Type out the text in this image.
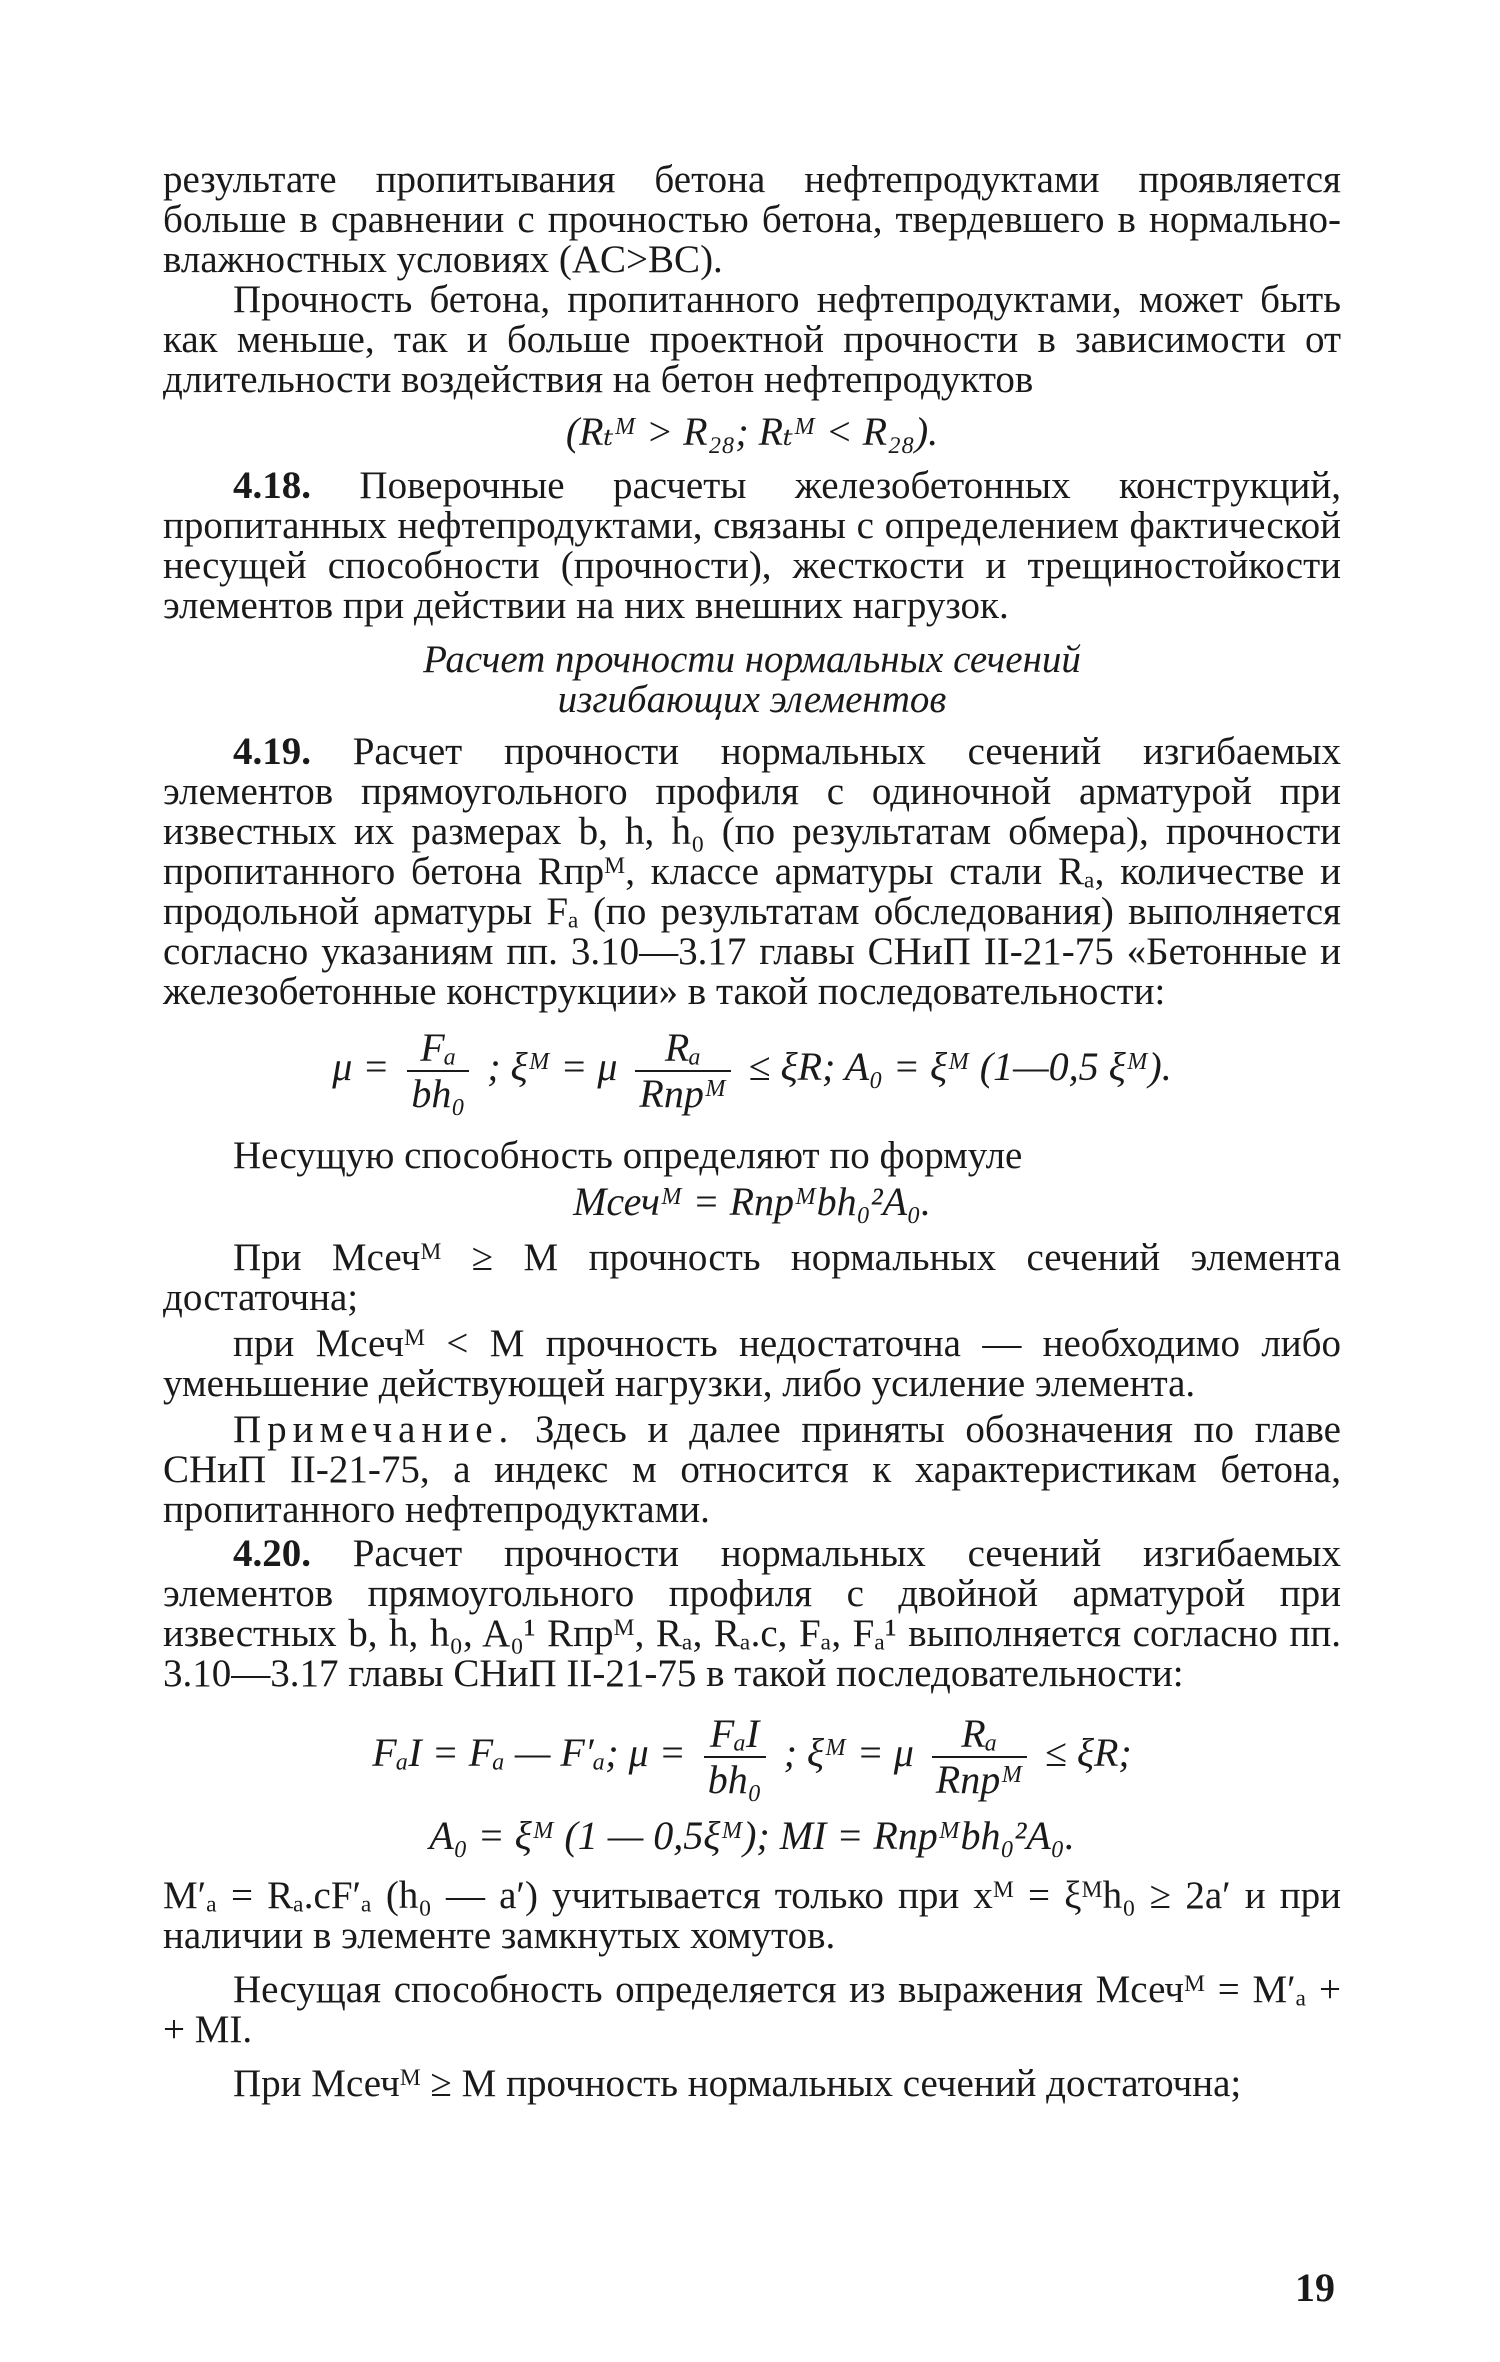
результате пропитывания бетона нефтепродуктами проявляется больше в сравнении с прочностью бетона, твердевшего в нормально-влажностных условиях (AC>BC).

Прочность бетона, пропитанного нефтепродуктами, может быть как меньше, так и больше проектной прочности в зависимости от длительности воздействия на бетон нефтепродуктов

(Rₜᴹ > R₂₈; Rₜᴹ < R₂₈).

4.18. Поверочные расчеты железобетонных конструкций, пропитанных нефтепродуктами, связаны с определением фактической несущей способности (прочности), жесткости и трещиностойкости элементов при действии на них внешних нагрузок.

Расчет прочности нормальных сечений
изгибающих элементов

4.19. Расчет прочности нормальных сечений изгибаемых элементов прямоугольного профиля с одиночной арматурой при известных их размерах b, h, h₀ (по результатам обмера), прочности пропитанного бетона Rпрᴹ, классе арматуры стали Rₐ, количестве и продольной арматуры Fₐ (по результатам обследования) выполняется согласно указаниям пп. 3.10—3.17 главы СНиП II-21-75 «Бетонные и железобетонные конструкции» в такой последовательности:

$\mu = \frac{\text{Fₐ}}{\text{bh₀}}$ ; ξᴹ = μ $\frac{\text{Rₐ}}{\text{Rпрᴹ}} \le \xi R$; A₀ = ξᴹ (1—0,5 ξᴹ).

Несущую способность определяют по формуле

Mсечᴹ = Rпрᴹbh₀²A₀.

При Mсечᴹ ≥ M прочность нормальных сечений элемента достаточна;

при Mсечᴹ < M прочность недостаточна — необходимо либо уменьшение действующей нагрузки, либо усиление элемента.

Примечание. Здесь и далее приняты обозначения по главе СНиП II-21-75, а индекс м относится к характеристикам бетона, пропитанного нефтепродуктами.

4.20. Расчет прочности нормальных сечений изгибаемых элементов прямоугольного профиля с двойной арматурой при известных b, h, h₀, A₀¹ Rпрᴹ, Rₐ, Rₐ.c, Fₐ, Fₐ¹ выполняется согласно пп. 3.10—3.17 главы СНиП II-21-75 в такой последовательности:

FₐI = Fₐ — F′ₐ; $\mu = \frac{\text{FₐI}}{\text{bh₀}}$ ; ξᴹ = μ $\frac{\text{Rₐ}}{\text{Rпрᴹ}} \le \xi R$;
A₀ = ξᴹ (1 — 0,5ξᴹ); MI = Rпрᴹbh₀²A₀.

M′ₐ = Rₐ.cF′ₐ (h₀ — a′) учитывается только при xᴹ = ξᴹh₀ ≥ 2a′ и при наличии в элементе замкнутых хомутов.

Несущая способность определяется из выражения Mсечᴹ = M′ₐ + + MI.

При Mсечᴹ ≥ M прочность нормальных сечений достаточна;

19
